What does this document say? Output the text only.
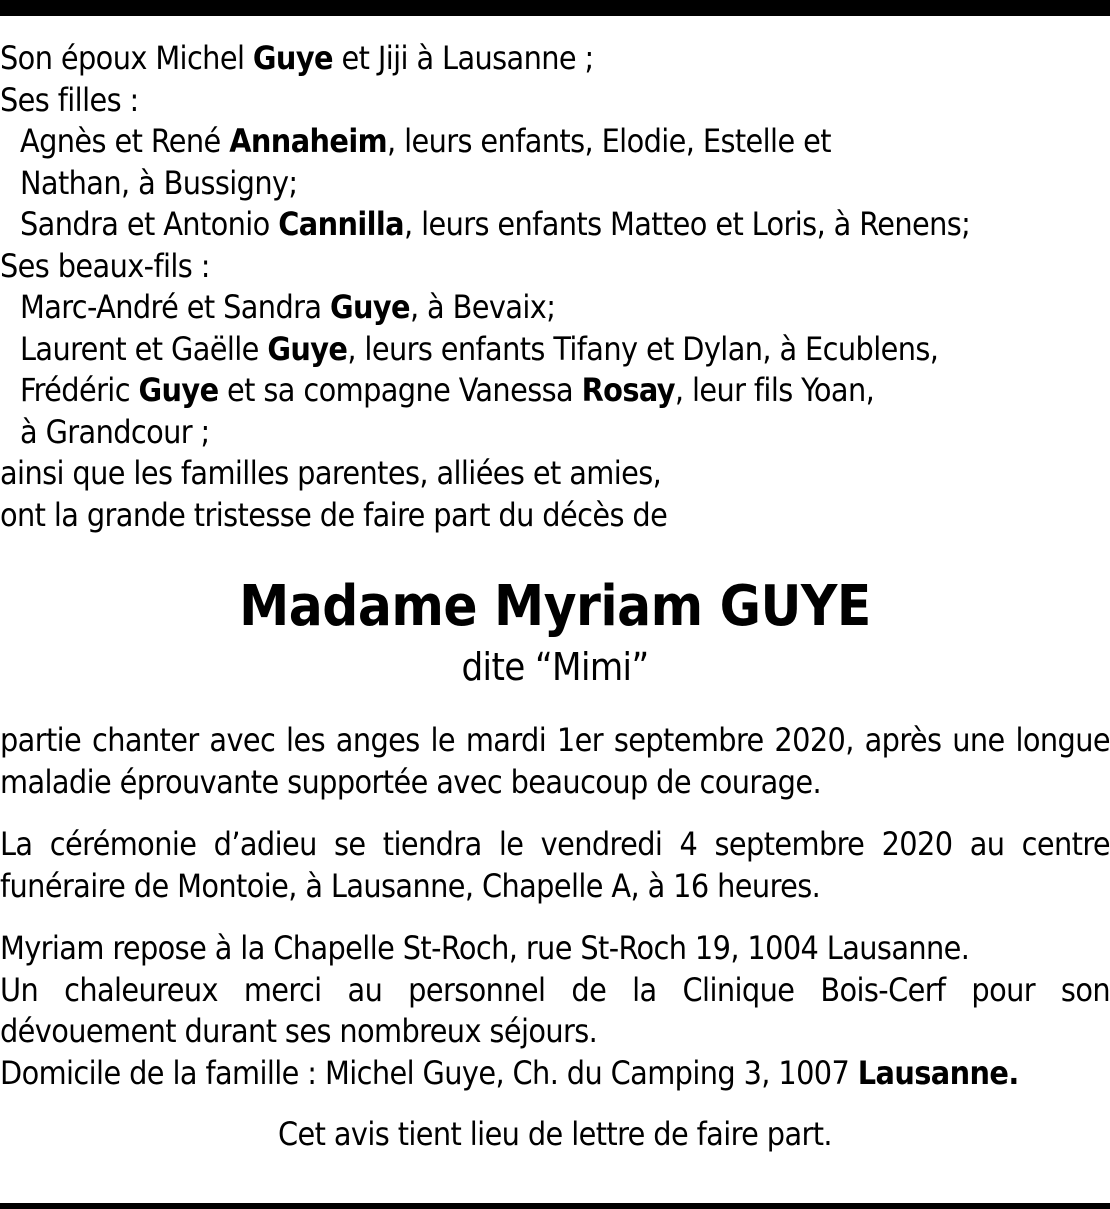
Son époux Michel Guye et Jiji à Lausanne ;
Ses filles :
Agnès et René Annaheim, leurs enfants, Elodie, Estelle et
Nathan, à Bussigny;
Sandra et Antonio Cannilla, leurs enfants Matteo et Loris, à Renens;
Ses beaux-fils :
Marc-André et Sandra Guye, à Bevaix;
Laurent et Gaëlle Guye, leurs enfants Tifany et Dylan, à Ecublens,
Frédéric Guye et sa compagne Vanessa Rosay, leur fils Yoan,
à Grandcour ;
ainsi que les familles parentes, alliées et amies,
ont la grande tristesse de faire part du décès de
Madame Myriam GUYE
dite “Mimi”

partie chanter avec les anges le mardi 1er septembre 2020, après une longue maladie éprouvante supportée avec beaucoup de courage.

La cérémonie d’adieu se tiendra le vendredi 4 septembre 2020 au centre funéraire de Montoie, à Lausanne, Chapelle A, à 16 heures.

Myriam repose à la Chapelle St-Roch, rue St-Roch 19, 1004 Lausanne.

Un chaleureux merci au personnel de la Clinique Bois-Cerf pour son dévouement durant ses nombreux séjours.

Domicile de la famille : Michel Guye, Ch. du Camping 3, 1007 Lausanne.

Cet avis tient lieu de lettre de faire part.
